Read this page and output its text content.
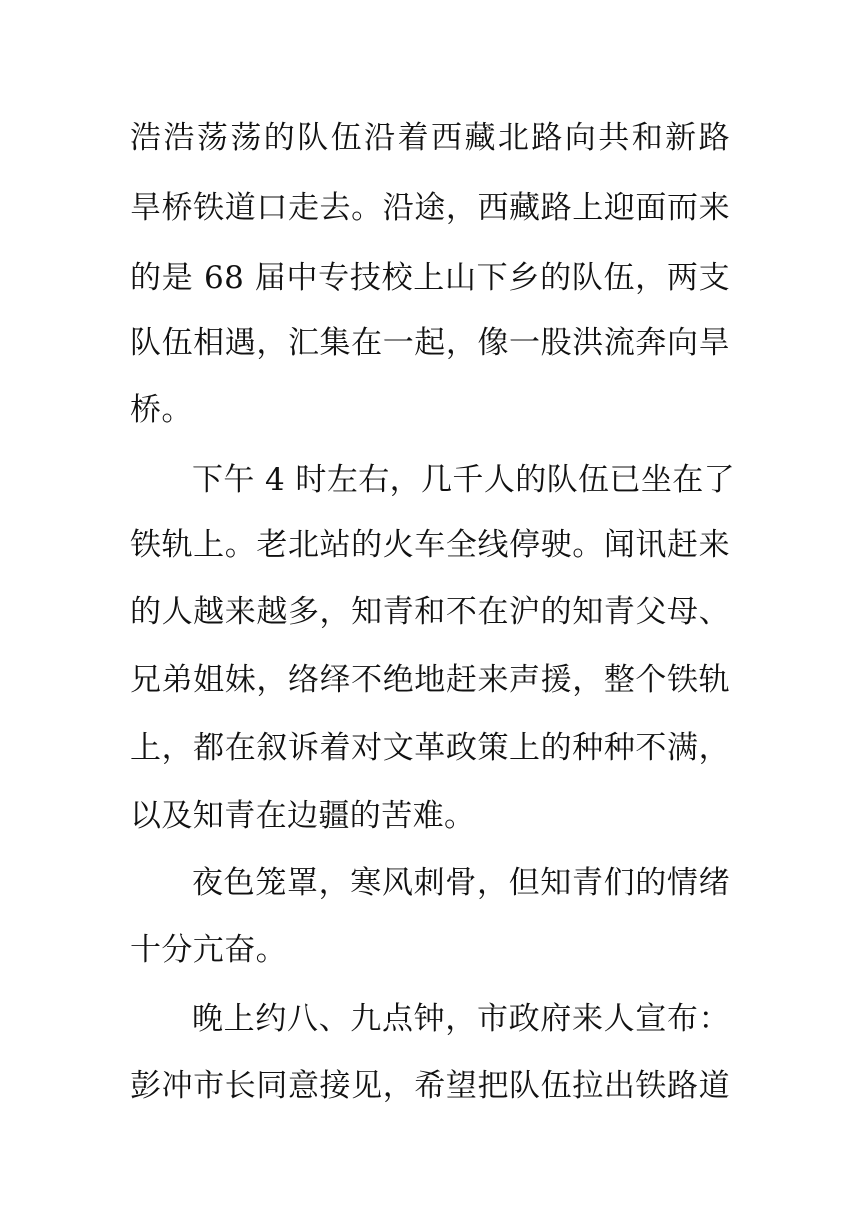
浩浩荡荡的队伍沿着西藏北路向共和新路
旱桥铁道口走去。沿途，西藏路上迎面而来
的是 68 届中专技校上山下乡的队伍，两支
队伍相遇，汇集在一起，像一股洪流奔向旱
桥。
下午 4 时左右，几千人的队伍已坐在了
铁轨上。老北站的火车全线停驶。闻讯赶来
的人越来越多，知青和不在沪的知青父母、
兄弟姐妹，络绎不绝地赶来声援，整个铁轨
上，都在叙诉着对文革政策上的种种不满，
以及知青在边疆的苦难。
夜色笼罩，寒风刺骨，但知青们的情绪
十分亢奋。
晚上约八、九点钟，市政府来人宣布：
彭冲市长同意接见，希望把队伍拉出铁路道
